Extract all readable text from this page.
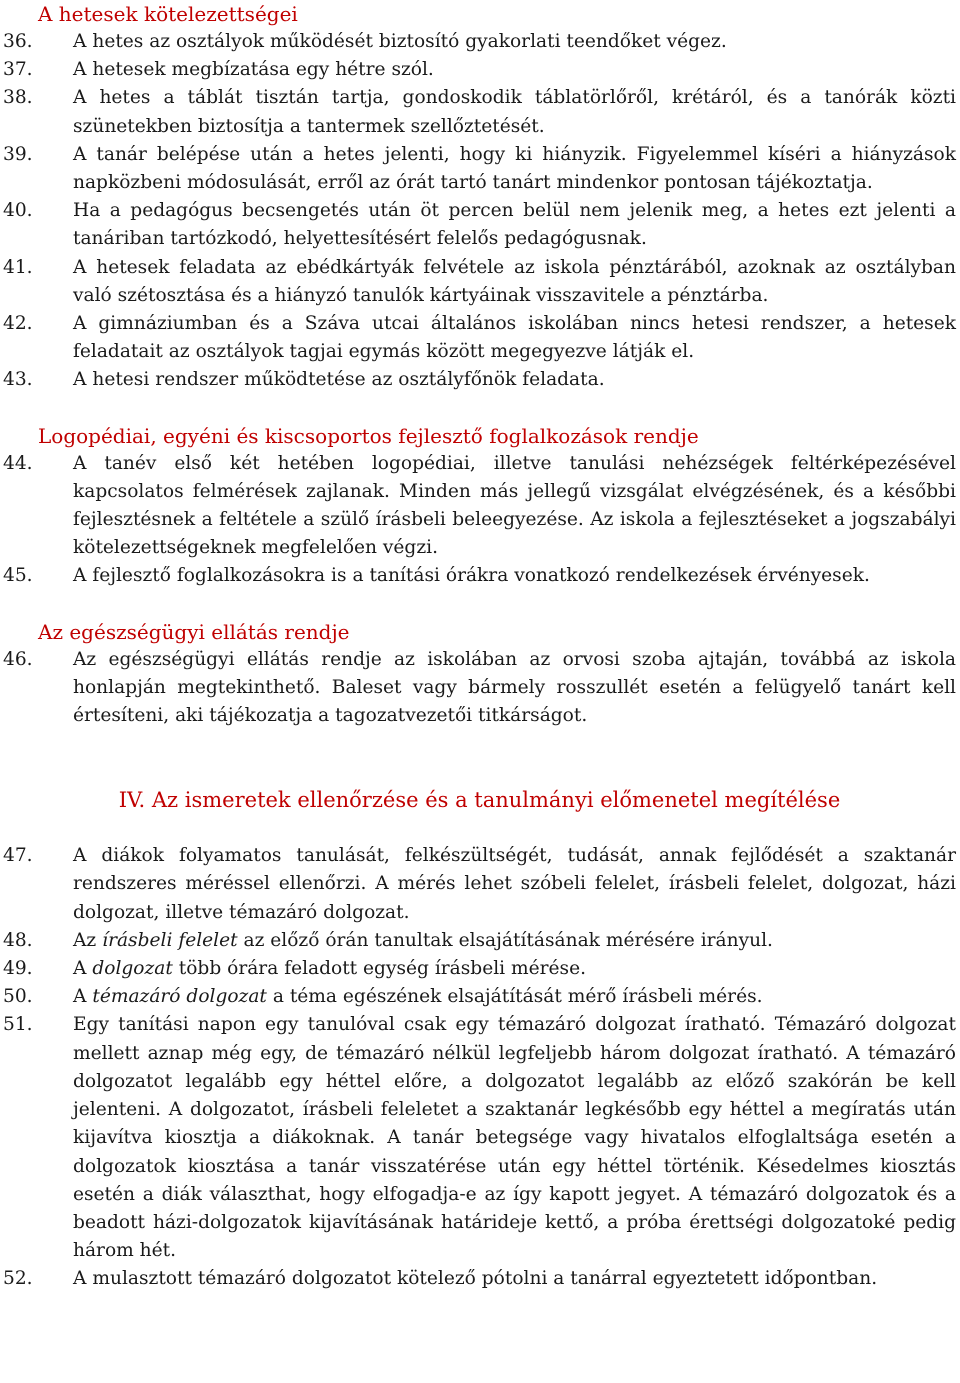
A hetesek kötelezettségei
36.	A hetes az osztályok működését biztosító gyakorlati teendőket végez.
37.	A hetesek megbízatása egy hétre szól.
38.	A hetes a táblát tisztán tartja, gondoskodik táblatörlőről, krétáról, és a tanórák közti szünetekben biztosítja a tantermek szellőztetését.
39.	A tanár belépése után a hetes jelenti, hogy ki hiányzik. Figyelemmel kíséri a hiányzások napközbeni módosulását, erről az órát tartó tanárt mindenkor pontosan tájékoztatja.
40.	Ha a pedagógus becsengetés után öt percen belül nem jelenik meg, a hetes ezt jelenti a tanáriban tartózkodó, helyettesítésért felelős pedagógusnak.
41.	A hetesek feladata az ebédkártyák felvétele az iskola pénztárából, azoknak az osztályban való szétosztása és a hiányzó tanulók kártyáinak visszavitele a pénztárba.
42.	A gimnáziumban és a Száva utcai általános iskolában nincs hetesi rendszer, a hetesek feladatait az osztályok tagjai egymás között megegyezve látják el.
43.	A hetesi rendszer működtetése az osztályfőnök feladata.
Logopédiai, egyéni és kiscsoportos fejlesztő foglalkozások rendje
44.	A tanév első két hetében logopédiai, illetve tanulási nehézségek feltérképezésével kapcsolatos felmérések zajlanak. Minden más jellegű vizsgálat elvégzésének, és a későbbi fejlesztésnek a feltétele a szülő írásbeli beleegyezése. Az iskola a fejlesztéseket a jogszabályi kötelezettségeknek megfelelően végzi.
45.	A fejlesztő foglalkozásokra is a tanítási órákra vonatkozó rendelkezések érvényesek.
Az egészségügyi ellátás rendje
46.	Az egészségügyi ellátás rendje az iskolában az orvosi szoba ajtaján, továbbá az iskola honlapján megtekinthető. Baleset vagy bármely rosszullét esetén a felügyelő tanárt kell értesíteni, aki tájékozatja a tagozatvezetői titkárságot.
IV. Az ismeretek ellenőrzése és a tanulmányi előmenetel megítélése
47.	A diákok folyamatos tanulását, felkészültségét, tudását, annak fejlődését a szaktanár rendszeres méréssel ellenőrzi. A mérés lehet szóbeli felelet, írásbeli felelet, dolgozat, házi dolgozat, illetve témazáró dolgozat.
48.	Az írásbeli felelet az előző órán tanultak elsajátításának mérésére irányul.
49.	A dolgozat több órára feladott egység írásbeli mérése.
50.	A témazáró dolgozat a téma egészének elsajátítását mérő írásbeli mérés.
51.	Egy tanítási napon egy tanulóval csak egy témazáró dolgozat íratható. Témazáró dolgozat mellett aznap még egy, de témazáró nélkül legfeljebb három dolgozat íratható. A témazáró dolgozatot legalább egy héttel előre, a dolgozatot legalább az előző szakórán be kell jelenteni. A dolgozatot, írásbeli feleletet a szaktanár legkésőbb egy héttel a megíratás után kijavítva kiosztja a diákoknak. A tanár betegsége vagy hivatalos elfoglaltsága esetén a dolgozatok kiosztása a tanár visszatérése után egy héttel történik. Késedelmes kiosztás esetén a diák választhat, hogy elfogadja-e az így kapott jegyet. A témazáró dolgozatok és a beadott házi-dolgozatok kijavításának határideje kettő, a próba érettségi dolgozatoké pedig három hét.
52.	A mulasztott témazáró dolgozatot kötelező pótolni a tanárral egyeztetett időpontban.
